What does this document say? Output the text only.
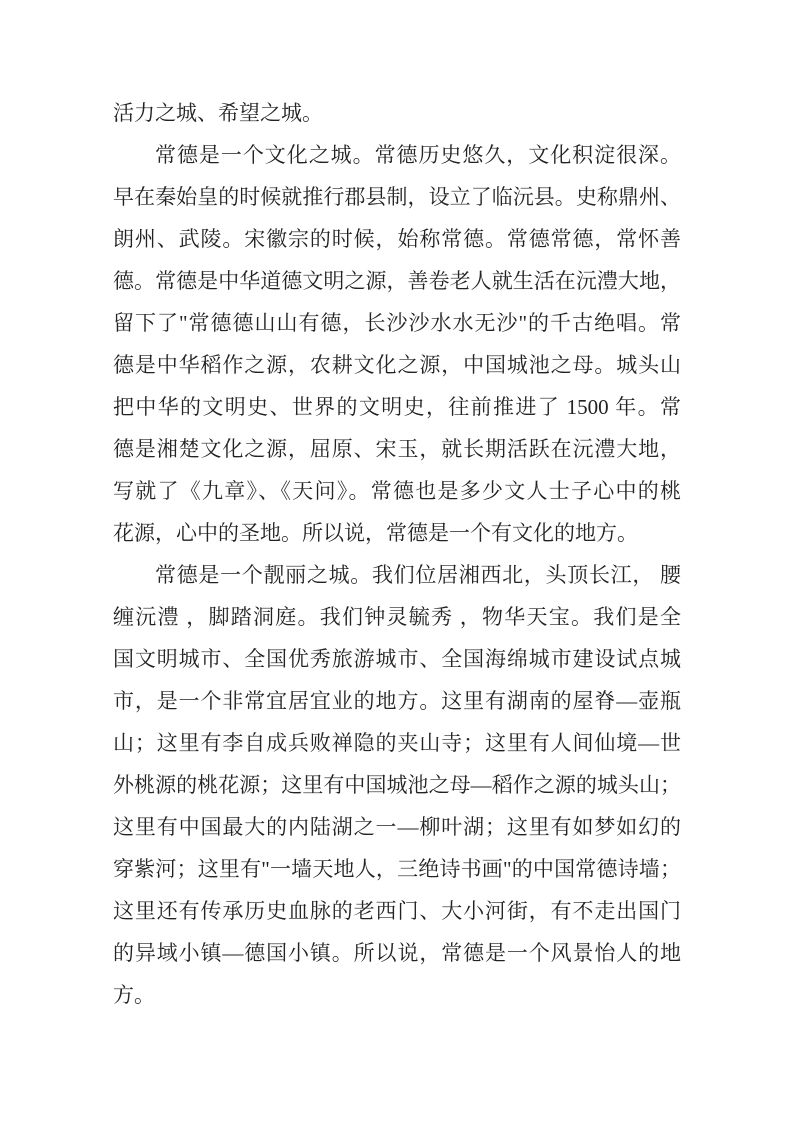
活力之城、希望之城。
常德是一个文化之城。常德历史悠久，文化积淀很深。
早在秦始皇的时候就推行郡县制，设立了临沅县。史称鼎州、
朗州、武陵。宋徽宗的时候，始称常德。常德常德，常怀善
德。常德是中华道德文明之源，善卷老人就生活在沅澧大地，
留下了"常德德山山有德，长沙沙水水无沙"的千古绝唱。常
德是中华稻作之源，农耕文化之源，中国城池之母。城头山
把中华的文明史、世界的文明史，往前推进了 1500 年。常
德是湘楚文化之源，屈原、宋玉，就长期活跃在沅澧大地，
写就了《九章》、《天问》。常德也是多少文人士子心中的桃
花源，心中的圣地。所以说，常德是一个有文化的地方。
常德是一个靓丽之城。我们位居湘西北，头顶长江， 腰
缠沅澧 ，脚踏洞庭。我们钟灵毓秀 ，物华天宝。我们是全
国文明城市、全国优秀旅游城市、全国海绵城市建设试点城
市，是一个非常宜居宜业的地方。这里有湖南的屋脊—壶瓶
山；这里有李自成兵败禅隐的夹山寺；这里有人间仙境—世
外桃源的桃花源；这里有中国城池之母—稻作之源的城头山；
这里有中国最大的内陆湖之一—柳叶湖；这里有如梦如幻的
穿紫河；这里有"一墙天地人，三绝诗书画"的中国常德诗墙；
这里还有传承历史血脉的老西门、大小河街，有不走出国门
的异域小镇—德国小镇。所以说，常德是一个风景怡人的地
方。
